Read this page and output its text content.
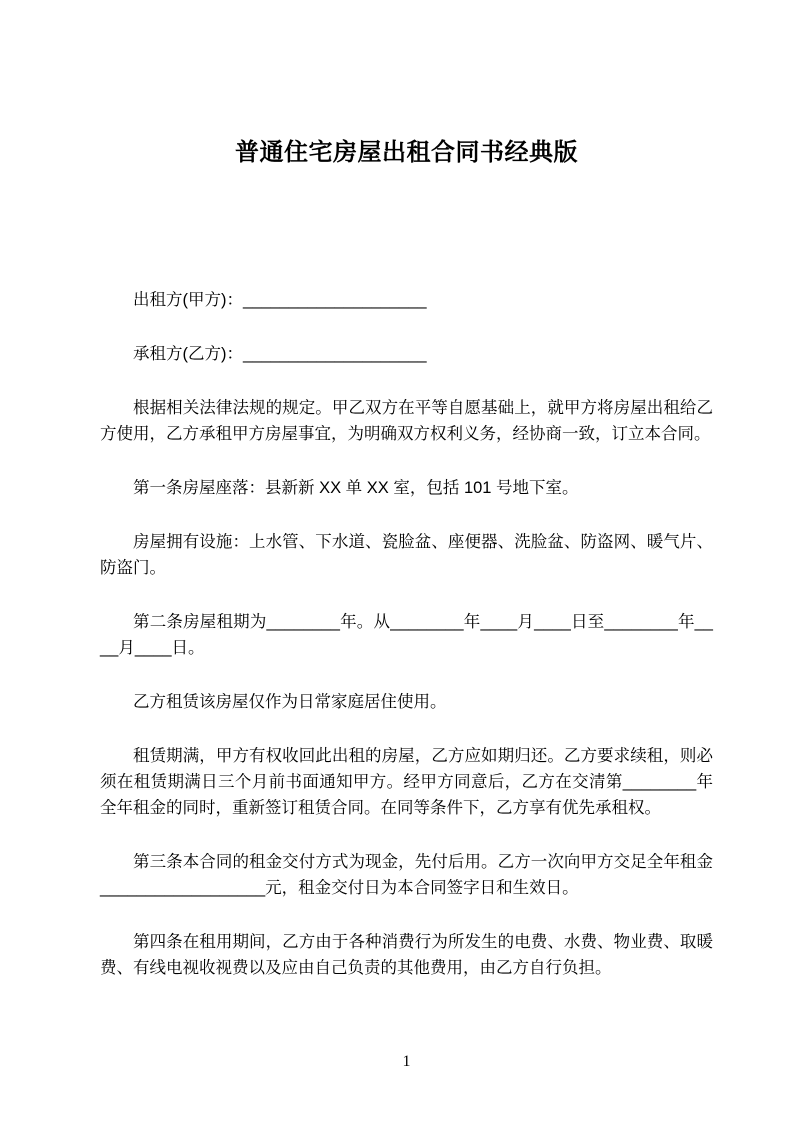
普通住宅房屋出租合同书经典版

出租方(甲方)：____________________

承租方(乙方)：____________________

根据相关法律法规的规定。甲乙双方在平等自愿基础上，就甲方将房屋出租给乙方使用，乙方承租甲方房屋事宜，为明确双方权利义务，经协商一致，订立本合同。

第一条房屋座落：县新新 XX 单 XX 室，包括 101 号地下室。

房屋拥有设施：上水管、下水道、瓷脸盆、座便器、洗脸盆、防盗网、暖气片、防盗门。

第二条房屋租期为________年。从________年____月____日至________年____月____日。

乙方租赁该房屋仅作为日常家庭居住使用。

租赁期满，甲方有权收回此出租的房屋，乙方应如期归还。乙方要求续租，则必须在租赁期满日三个月前书面通知甲方。经甲方同意后，乙方在交清第________年全年租金的同时，重新签订租赁合同。在同等条件下，乙方享有优先承租权。

第三条本合同的租金交付方式为现金，先付后用。乙方一次向甲方交足全年租金__________________元，租金交付日为本合同签字日和生效日。

第四条在租用期间，乙方由于各种消费行为所发生的电费、水费、物业费、取暖费、有线电视收视费以及应由自己负责的其他费用，由乙方自行负担。

1
